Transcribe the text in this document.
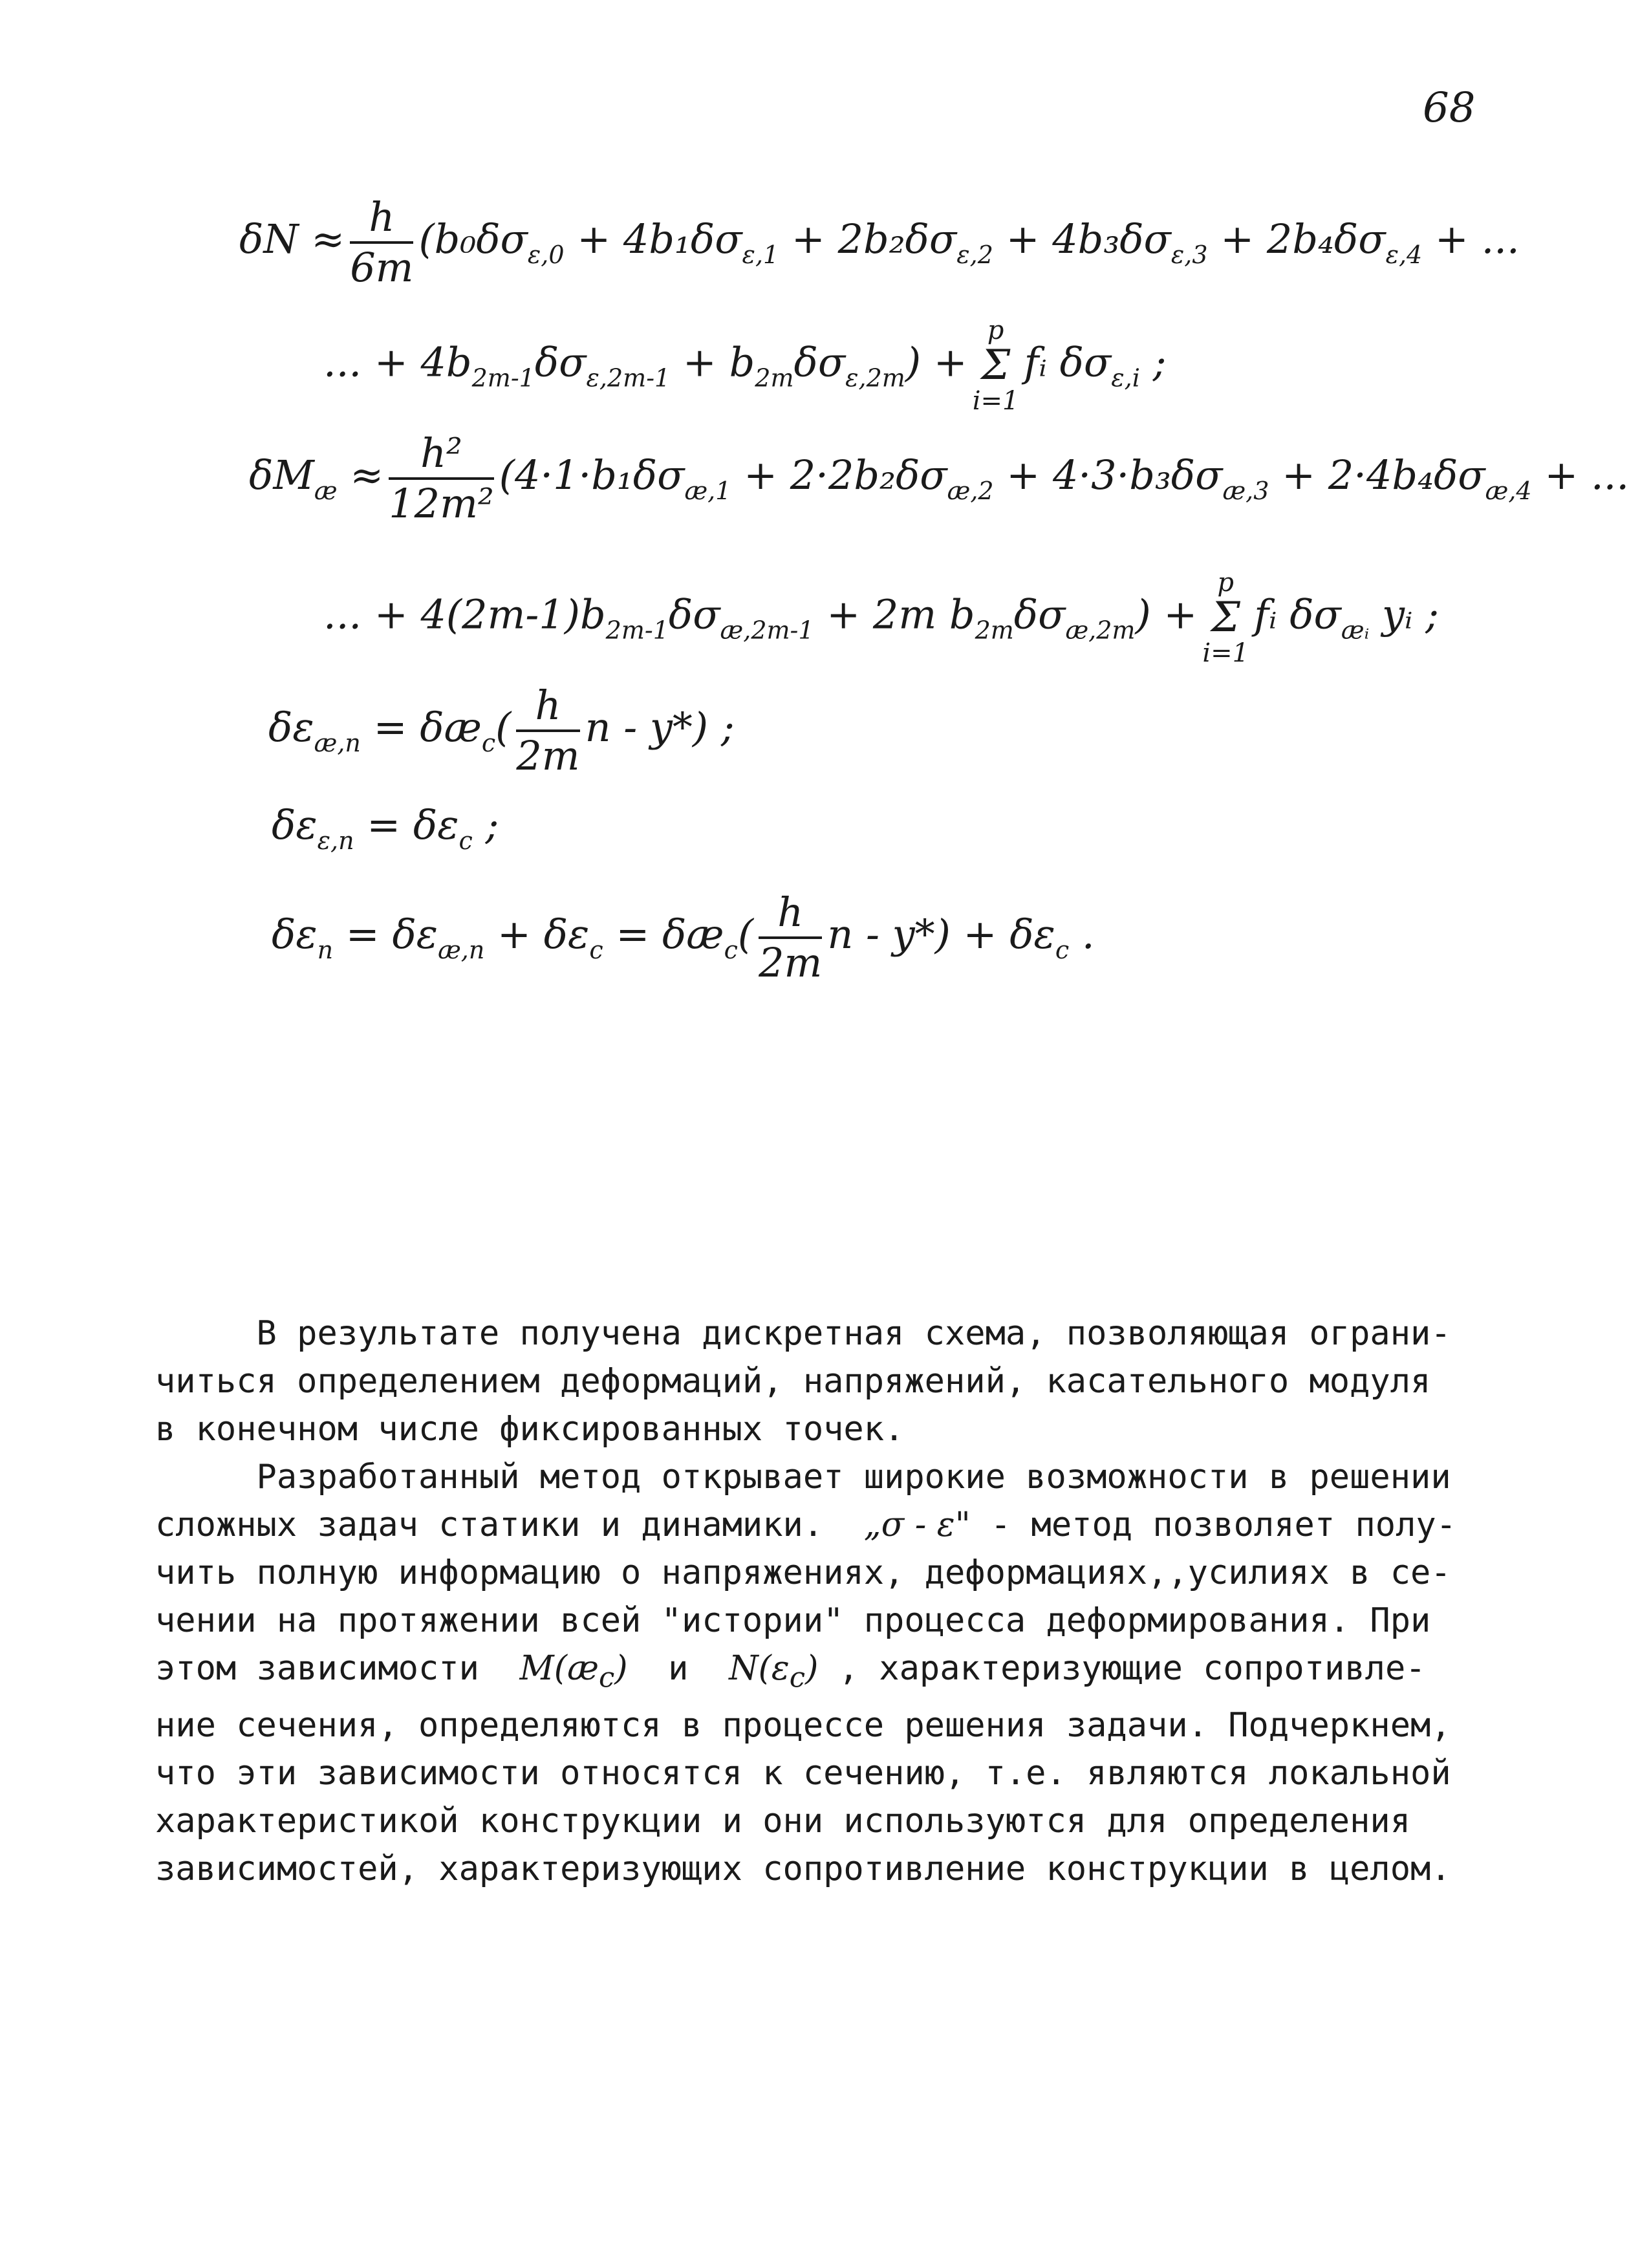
68
$\delta N \approx \frac{h}{6m} (b_0\delta\sigma_{\varepsilon,0} + 4b_1\delta\sigma_{\varepsilon,1} + 2b_2\delta\sigma_{\varepsilon,2} + 4b_3\delta\sigma_{\varepsilon,3} + 2b_4\delta\sigma_{\varepsilon,4}$ + ...
... + $4b_{2m-1}\delta\sigma_{\varepsilon,2m-1} + b_{2m}\delta\sigma_{\varepsilon,2m}) +p$
Σ
i=1fᵢ $\delta\sigma_{\varepsilon,i}$ ;
$\delta M_æ \approx \frac{\text{h²}}{\text{12m²}} (4\cdot 1\cdot b_1\delta\sigma_{æ,1} + 2\cdot 2b_2\delta\sigma_{æ,2} + 4\cdot 3\cdot b_3\delta\sigma_{æ,3} + 2\cdot 4b_4\delta\sigma_{æ,4}$ + ...
... + $4(2m-1)b_{2m-1}\delta\sigma_{æ,2m-1} + 2m$ $b_{2m}\delta\sigma_{æ,2m}) +p$
Σ
i=1fᵢ $\delta\sigma_{æᵢ}$ yᵢ ;
$\delta\varepsilon_{æ,n}$ = $\delta æ_c( \frac{h}{2m}$ n - y*) ;
$\delta\varepsilon_{\varepsilon,n} = \delta\varepsilon_c$ ;
$\delta\varepsilon_n = \delta\varepsilon_{æ,n} + \delta\varepsilon_c$ = $\delta æ_c( \frac{h}{2m}$ $n - y*) + \delta\varepsilon_c$ .
В результате получена дискретная схема, позволяющая ограни-
читься определением деформаций, напряжений, касательного модуля
в конечном числе фиксированных точек.
Разработанный метод открывает широкие возможности в решении
сложных задач статики и динамики.  „σ - ε" - метод позволяет полу-
чить полную информацию о напряжениях, деформациях,,усилиях в се-
чении на протяжении всей "истории" процесса деформирования. При
этом зависимости  $M(æ_c)$  и  $N(\varepsilon_c)$ , характеризующие сопротивле-
ние сечения, определяются в процессе решения задачи. Подчеркнем,
что эти зависимости относятся к сечению, т.е. являются локальной
характеристикой конструкции и они используются для определения
зависимостей, характеризующих сопротивление конструкции в целом.
